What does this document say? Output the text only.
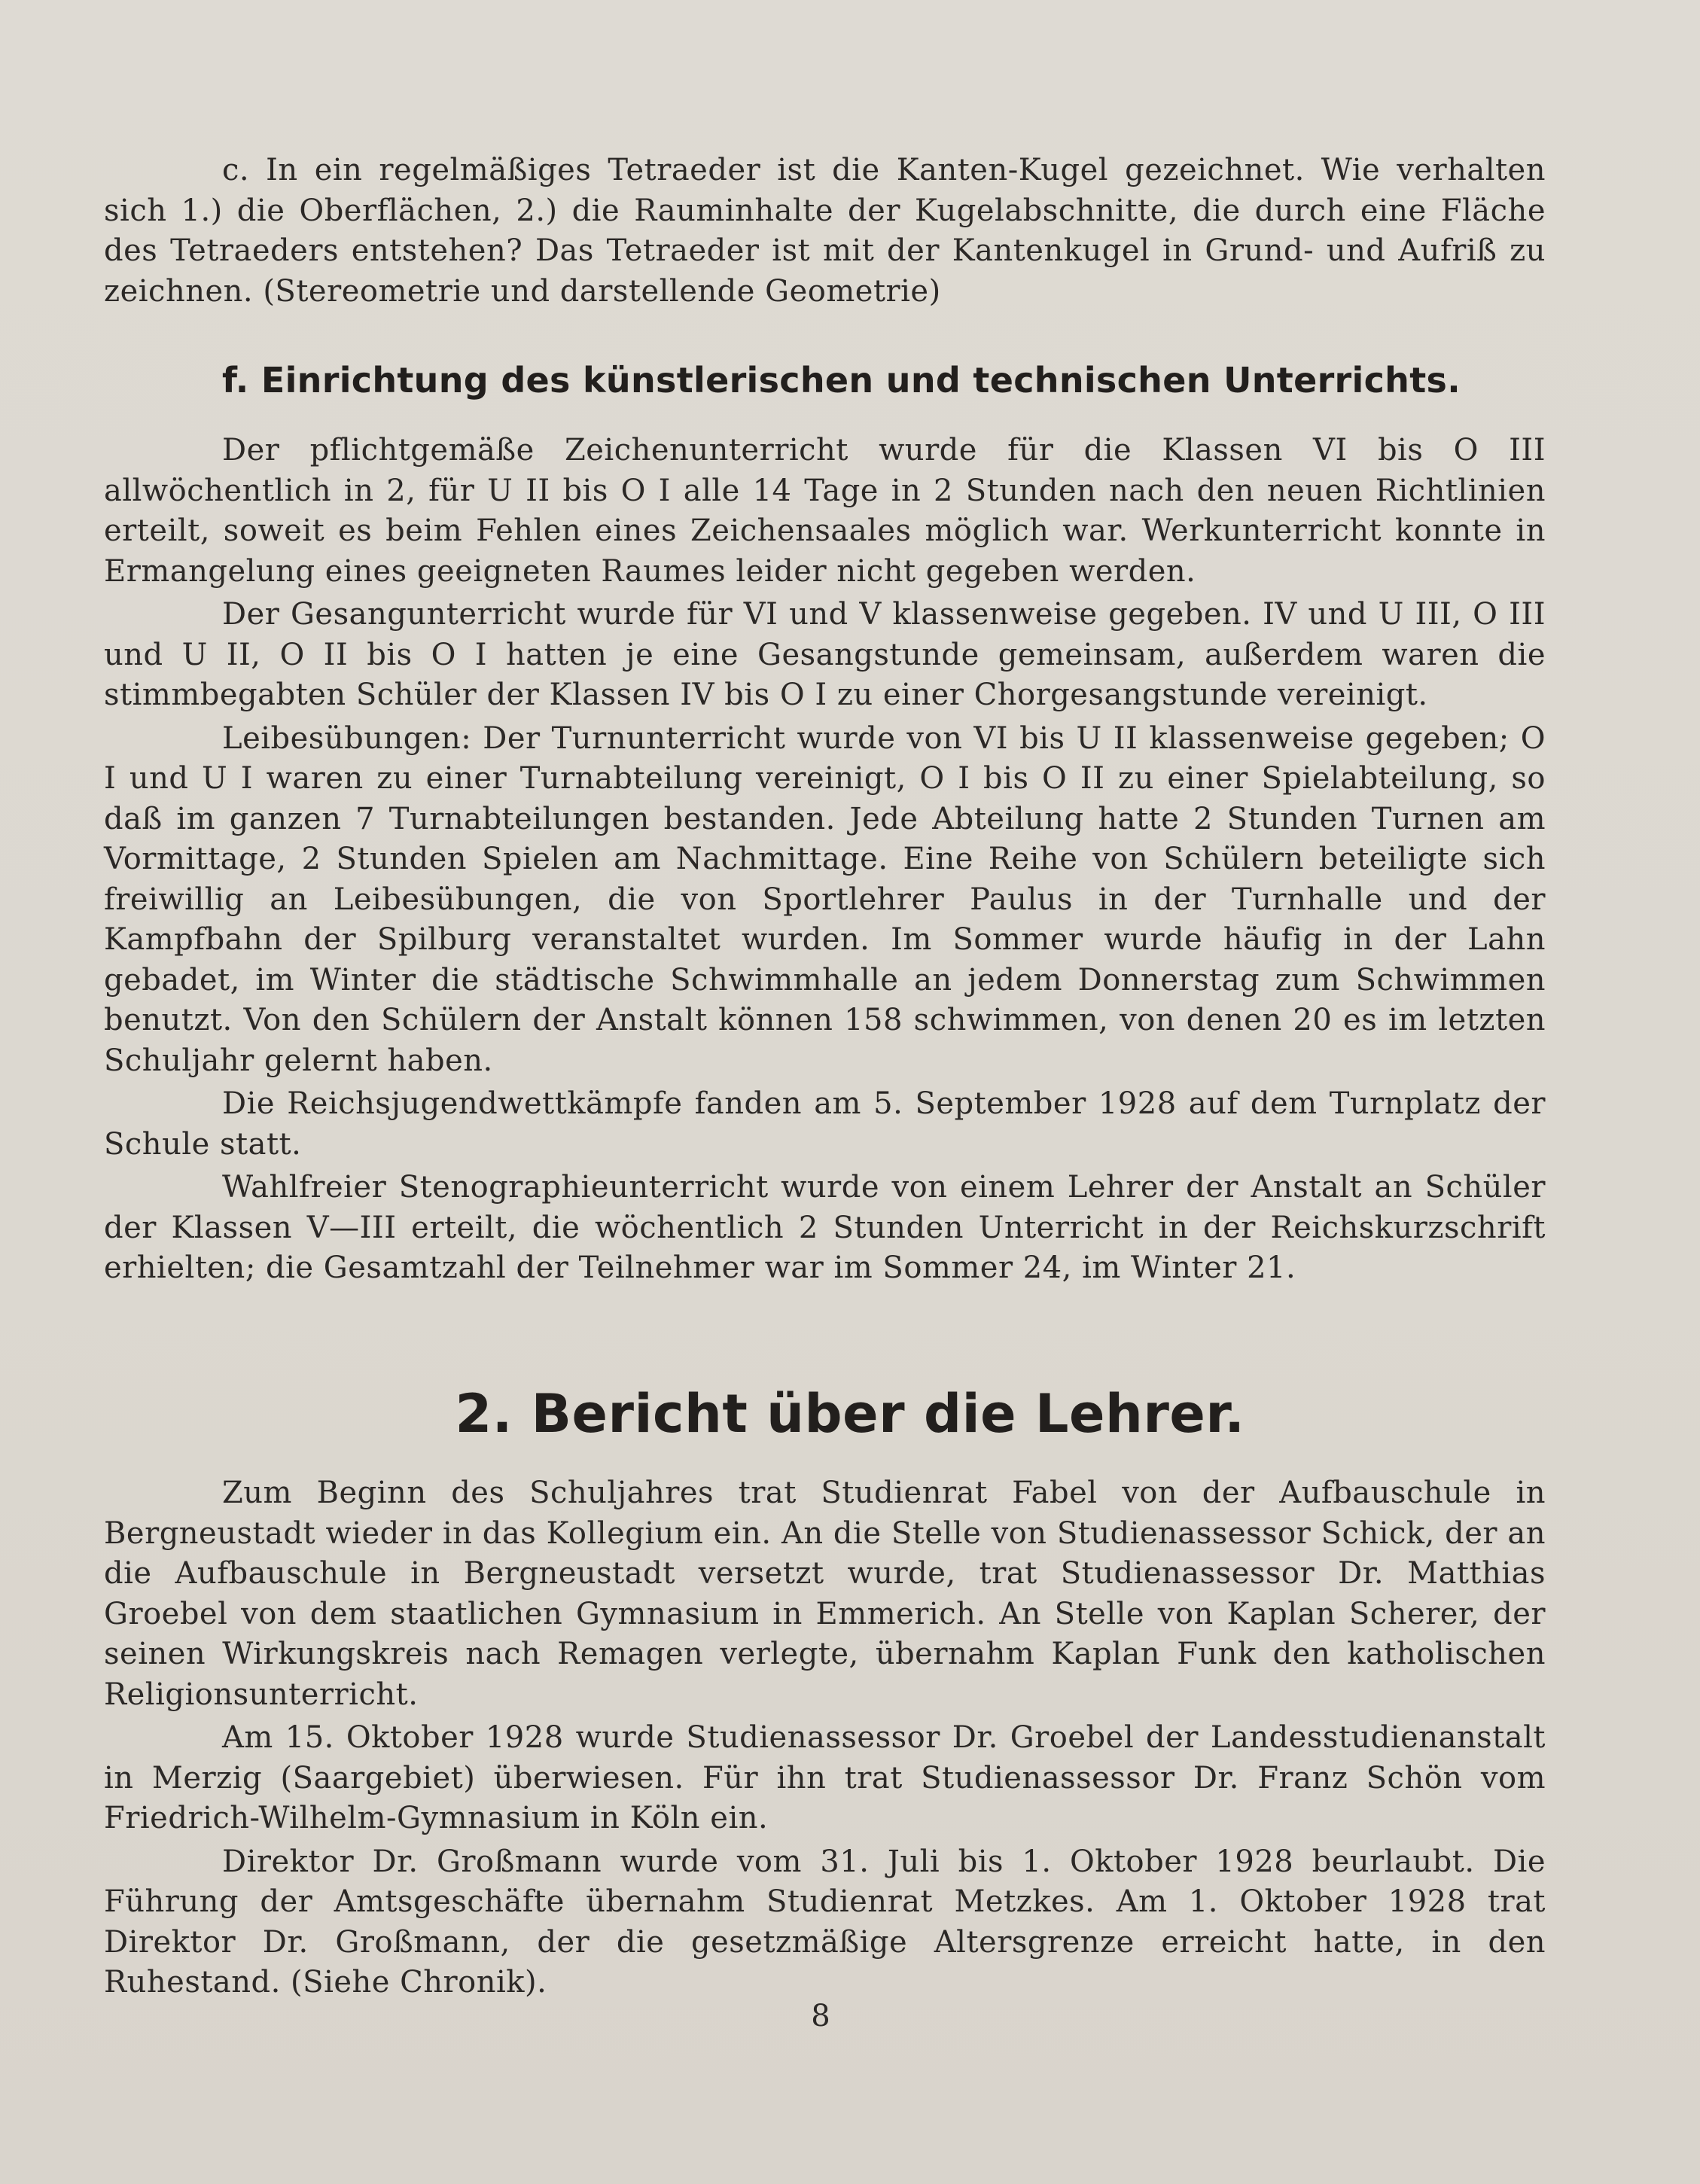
c. In ein regelmäßiges Tetraeder ist die Kanten-Kugel gezeichnet. Wie verhalten sich 1.) die Oberflächen, 2.) die Rauminhalte der Kugelabschnitte, die durch eine Fläche des Tetraeders entstehen? Das Tetraeder ist mit der Kantenkugel in Grund- und Aufriß zu zeichnen. (Stereometrie und darstellende Geometrie)

f. Einrichtung des künstlerischen und technischen Unterrichts.

Der pflichtgemäße Zeichenunterricht wurde für die Klassen VI bis O III allwöchentlich in 2, für U II bis O I alle 14 Tage in 2 Stunden nach den neuen Richtlinien erteilt, soweit es beim Fehlen eines Zeichensaales möglich war. Werkunterricht konnte in Ermangelung eines geeigneten Raumes leider nicht gegeben werden.

Der Gesangunterricht wurde für VI und V klassenweise gegeben. IV und U III, O III und U II, O II bis O I hatten je eine Gesangstunde gemeinsam, außerdem waren die stimmbegabten Schüler der Klassen IV bis O I zu einer Chorgesangstunde vereinigt.

Leibesübungen: Der Turnunterricht wurde von VI bis U II klassenweise gegeben; O I und U I waren zu einer Turnabteilung vereinigt, O I bis O II zu einer Spielabteilung, so daß im ganzen 7 Turnabteilungen bestanden. Jede Abteilung hatte 2 Stunden Turnen am Vormittage, 2 Stunden Spielen am Nachmittage. Eine Reihe von Schülern beteiligte sich freiwillig an Leibesübungen, die von Sportlehrer Paulus in der Turnhalle und der Kampfbahn der Spilburg veranstaltet wurden. Im Sommer wurde häufig in der Lahn gebadet, im Winter die städtische Schwimmhalle an jedem Donnerstag zum Schwimmen benutzt. Von den Schülern der Anstalt können 158 schwimmen, von denen 20 es im letzten Schuljahr gelernt haben.

Die Reichsjugendwettkämpfe fanden am 5. September 1928 auf dem Turnplatz der Schule statt.

Wahlfreier Stenographieunterricht wurde von einem Lehrer der Anstalt an Schüler der Klassen V—III erteilt, die wöchentlich 2 Stunden Unterricht in der Reichskurzschrift erhielten; die Gesamtzahl der Teilnehmer war im Sommer 24, im Winter 21.

2. Bericht über die Lehrer.

Zum Beginn des Schuljahres trat Studienrat Fabel von der Aufbauschule in Bergneustadt wieder in das Kollegium ein. An die Stelle von Studienassessor Schick, der an die Aufbauschule in Bergneustadt versetzt wurde, trat Studienassessor Dr. Matthias Groebel von dem staatlichen Gymnasium in Emmerich. An Stelle von Kaplan Scherer, der seinen Wirkungskreis nach Remagen verlegte, übernahm Kaplan Funk den katholischen Religionsunterricht.

Am 15. Oktober 1928 wurde Studienassessor Dr. Groebel der Landesstudienanstalt in Merzig (Saargebiet) überwiesen. Für ihn trat Studienassessor Dr. Franz Schön vom Friedrich-Wilhelm-Gymnasium in Köln ein.

Direktor Dr. Großmann wurde vom 31. Juli bis 1. Oktober 1928 beurlaubt. Die Führung der Amtsgeschäfte übernahm Studienrat Metzkes. Am 1. Oktober 1928 trat Direktor Dr. Großmann, der die gesetzmäßige Altersgrenze erreicht hatte, in den Ruhestand. (Siehe Chronik).

8
